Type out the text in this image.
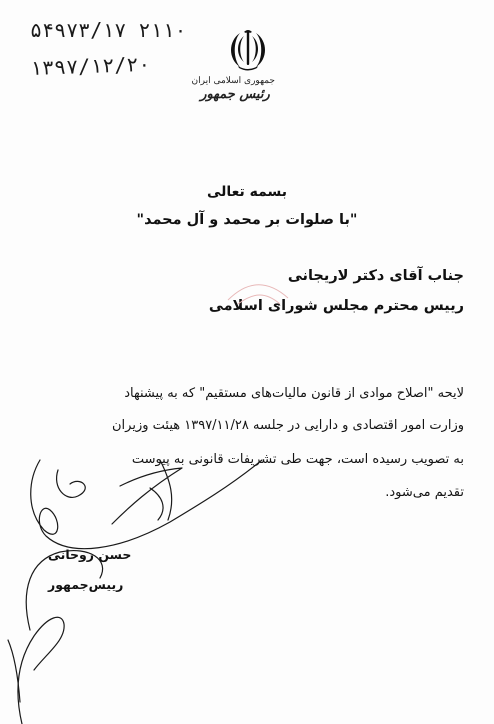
۵۴۹۷۳/۱۷ ۲۱۱۰
۱۳۹۷/۱۲/۲۰
جمهوری اسلامی ایران
رئیس جمهور
بسمه تعالی
"با صلوات بر محمد و آل محمد"
جناب آقای دکتر لاریجانی
رییس محترم مجلس شورای اسلامی
لایحه "اصلاح موادی از قانون مالیات‌های مستقیم" که به پیشنهاد
وزارت امور اقتصادی و دارایی در جلسه ۱۳۹۷/۱۱/۲۸ هیئت وزیران
به تصویب رسیده است، جهت طی تشریفات قانونی به پیوست
تقدیم می‌شود.
حسن روحانی
رییس‌جمهور
